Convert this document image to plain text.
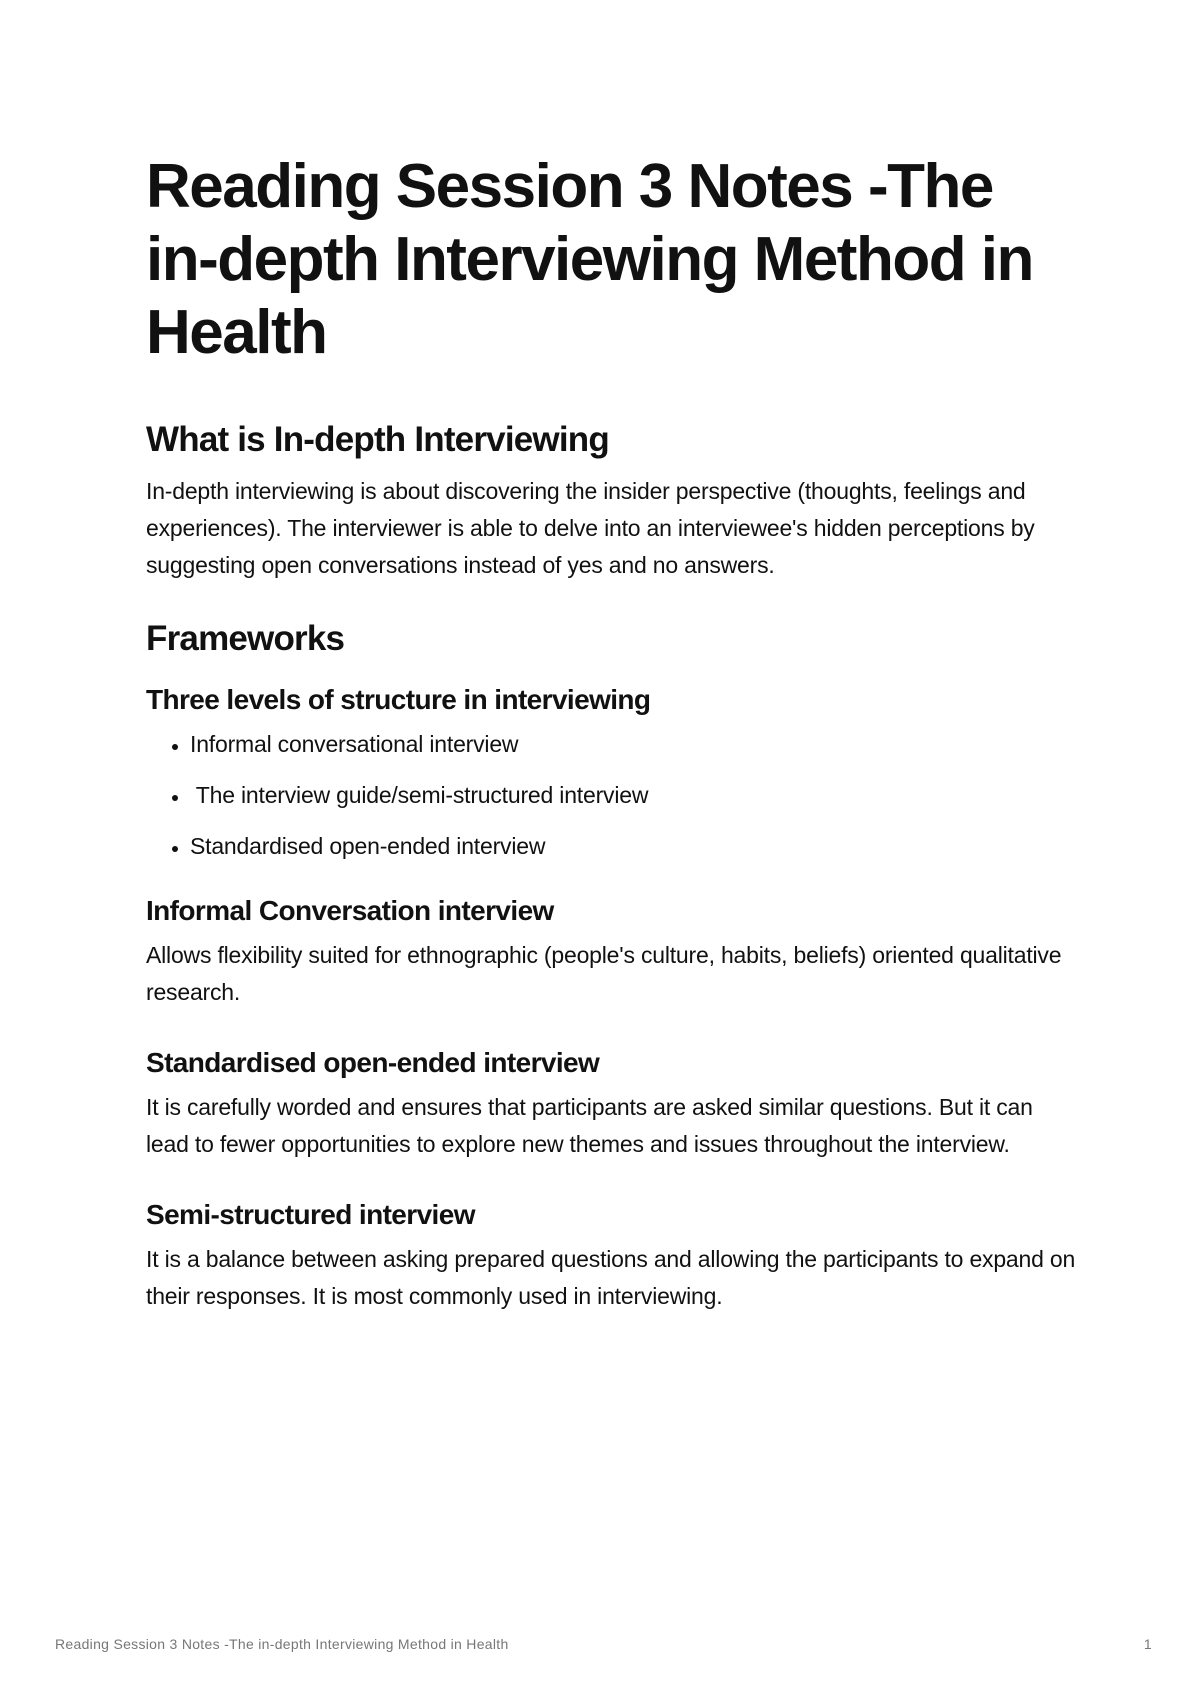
Reading Session 3 Notes -The in-depth Interviewing Method in Health
What is In-depth Interviewing

In-depth interviewing is about discovering the insider perspective (thoughts, feelings and experiences). The interviewer is able to delve into an interviewee's hidden perceptions by suggesting open conversations instead of yes and no answers.

Frameworks
Three levels of structure in interviewing
• Informal conversational interview
•  The interview guide/semi-structured interview
• Standardised open-ended interview
Informal Conversation interview

Allows flexibility suited for ethnographic (people's culture, habits, beliefs) oriented qualitative research.

Standardised open-ended interview

It is carefully worded and ensures that participants are asked similar questions. But it can lead to fewer opportunities to explore new themes and issues throughout the interview.

Semi-structured interview

It is a balance between asking prepared questions and allowing the participants to expand on their responses. It is most commonly used in interviewing.

Reading Session 3 Notes -The in-depth Interviewing Method in Health	1
